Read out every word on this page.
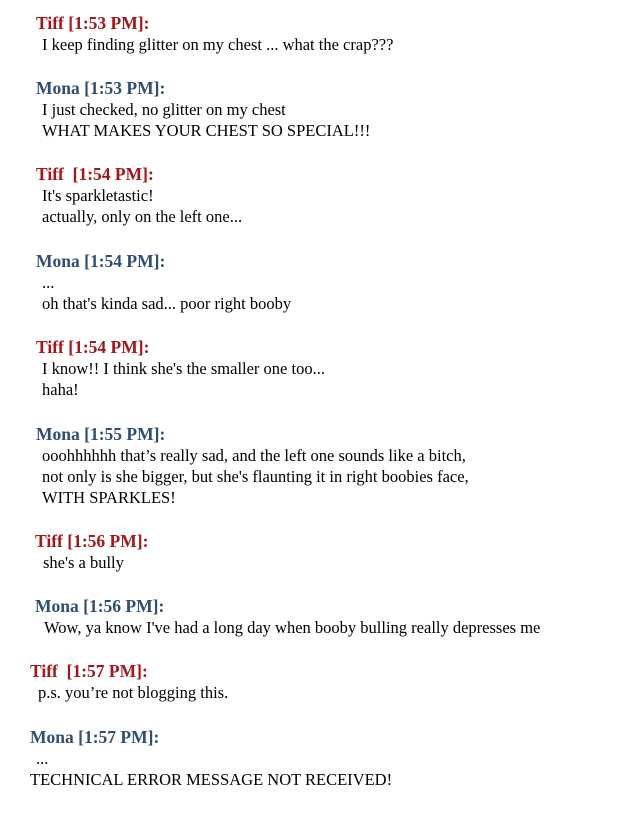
Tiff [1:53 PM]:
I keep finding glitter on my chest ... what the crap???
Mona [1:53 PM]:
I just checked, no glitter on my chest
WHAT MAKES YOUR CHEST SO SPECIAL!!!
Tiff  [1:54 PM]:
It's sparkletastic!
actually, only on the left one...
Mona [1:54 PM]:
...
oh that's kinda sad... poor right booby
Tiff [1:54 PM]:
I know!! I think she's the smaller one too...
haha!
Mona [1:55 PM]:
ooohhhhhh that’s really sad, and the left one sounds like a bitch,
not only is she bigger, but she's flaunting it in right boobies face,
WITH SPARKLES!
Tiff [1:56 PM]:
she's a bully
Mona [1:56 PM]:
Wow, ya know I've had a long day when booby bulling really depresses me
Tiff  [1:57 PM]:
p.s. you’re not blogging this.
Mona [1:57 PM]:
...
TECHNICAL ERROR MESSAGE NOT RECEIVED!
